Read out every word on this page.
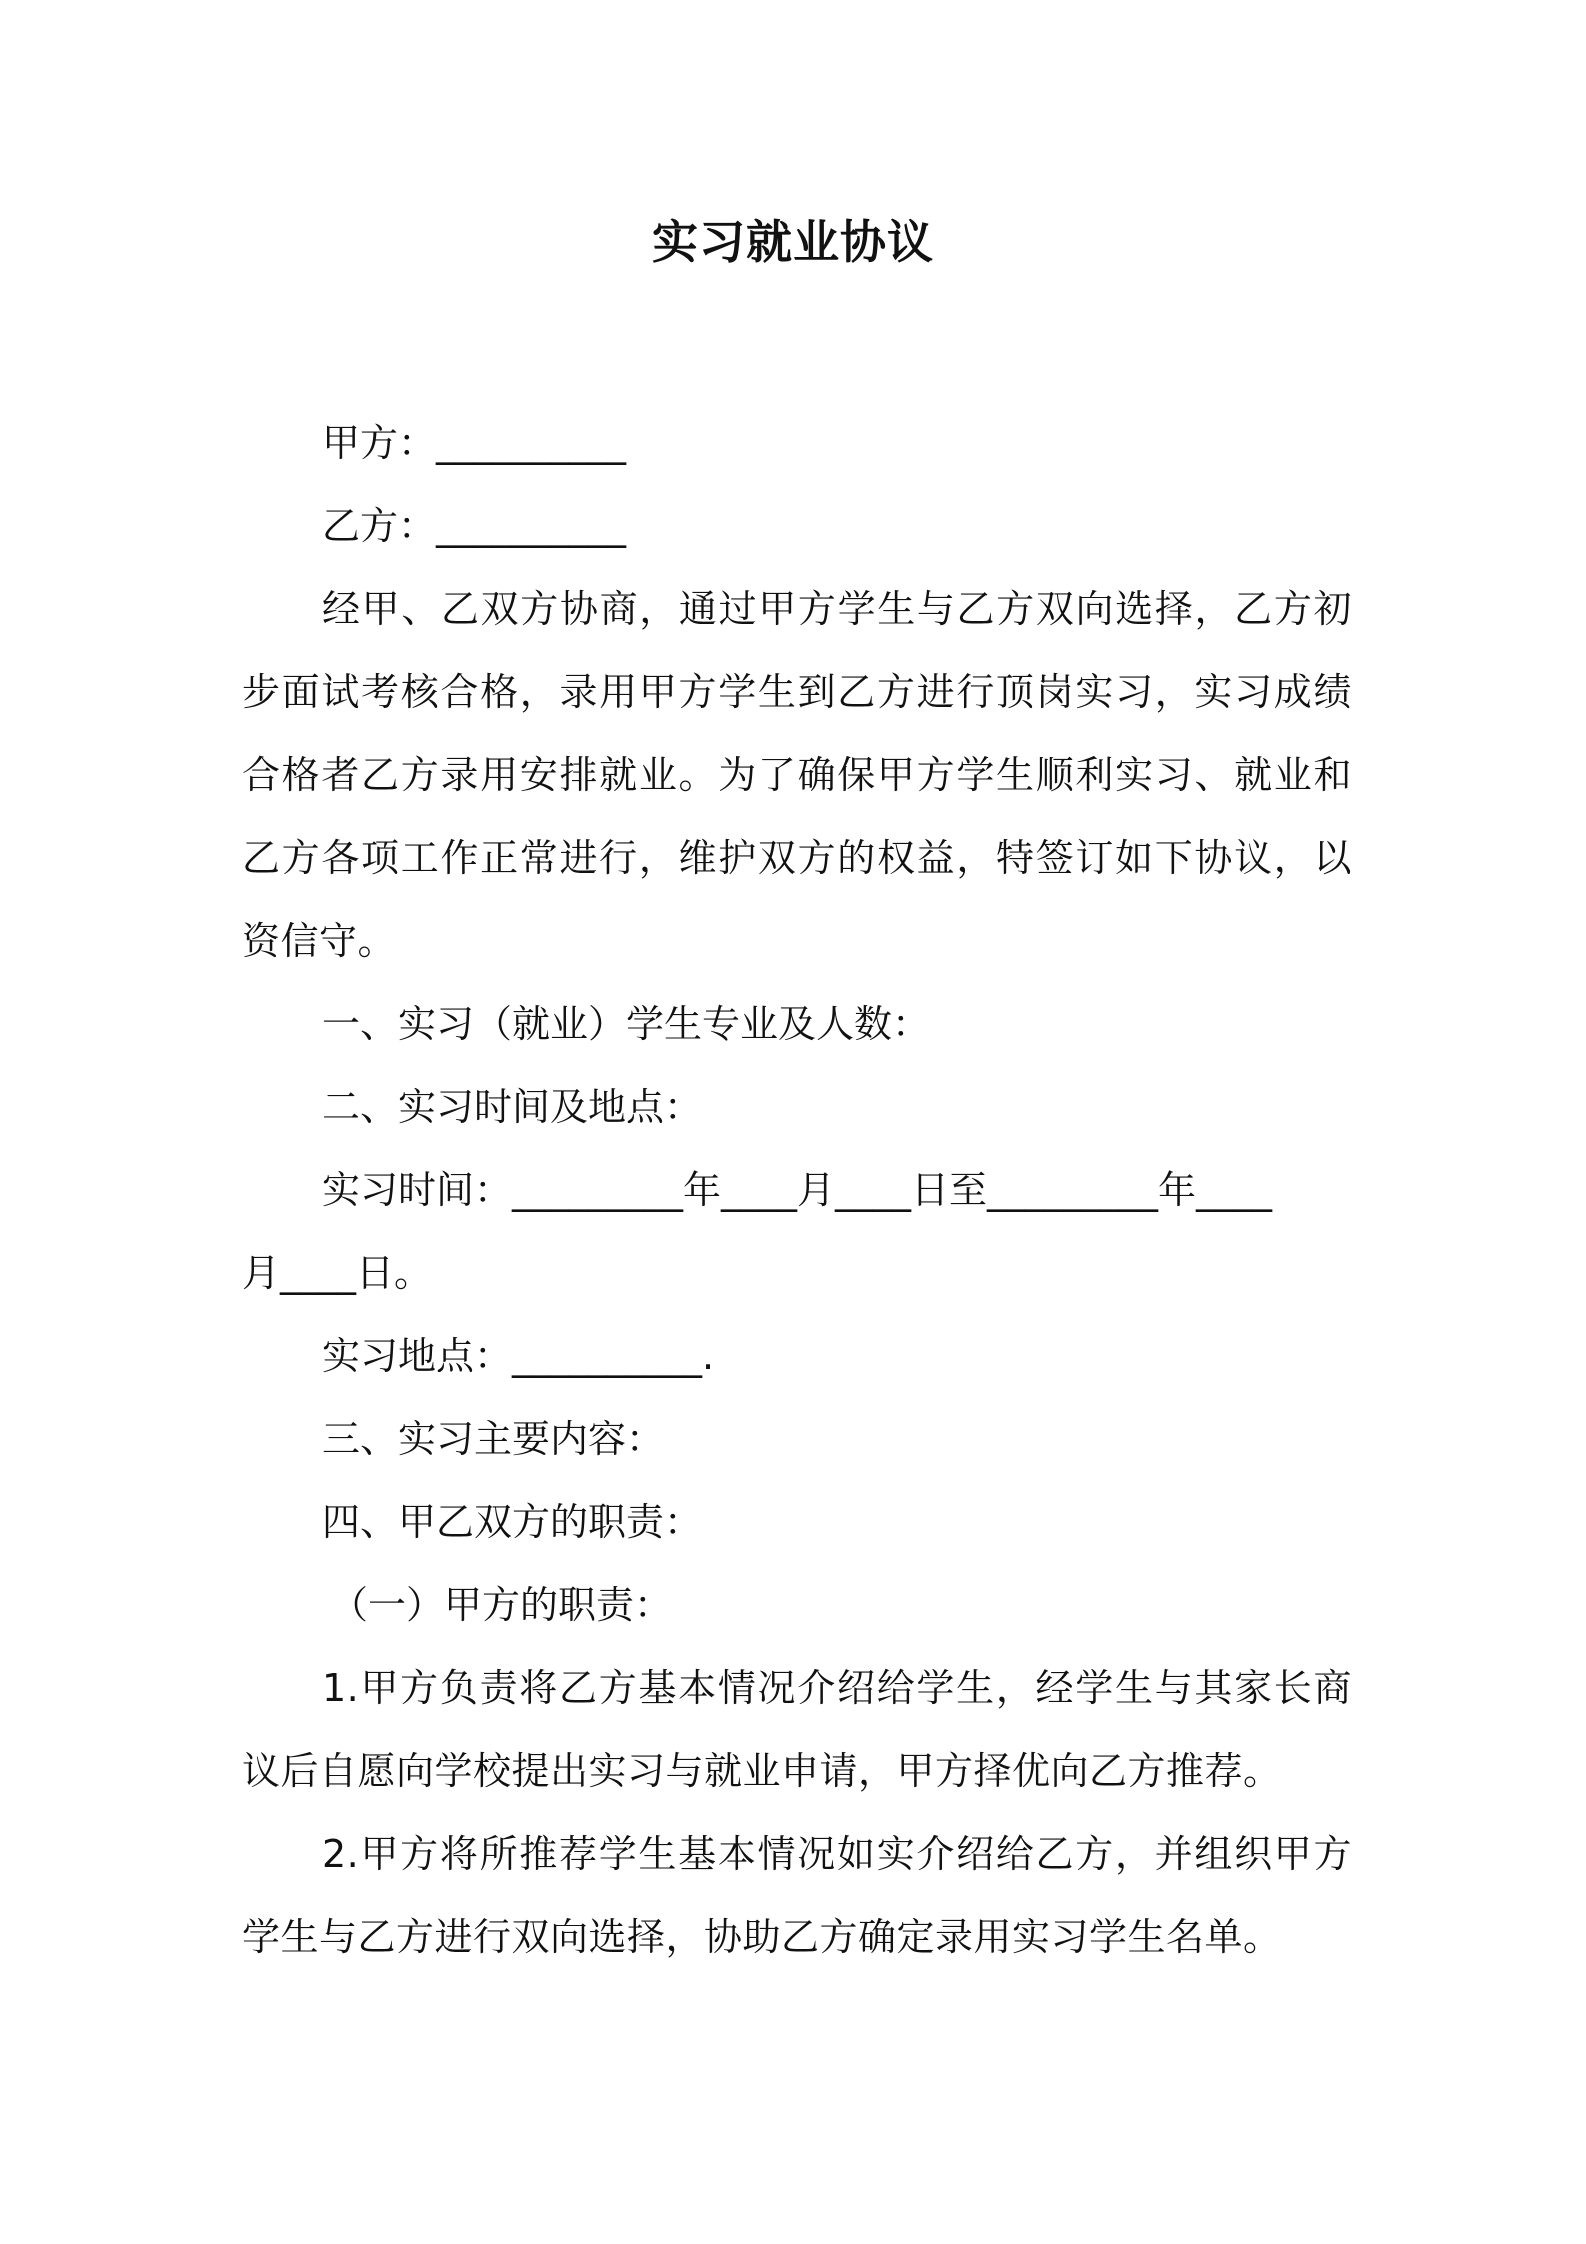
实习就业协议

甲方：__________

乙方：__________

经甲、乙双方协商，通过甲方学生与乙方双向选择，乙方初步面试考核合格，录用甲方学生到乙方进行顶岗实习，实习成绩合格者乙方录用安排就业。为了确保甲方学生顺利实习、就业和乙方各项工作正常进行，维护双方的权益，特签订如下协议，以资信守。

一、实习（就业）学生专业及人数：

二、实习时间及地点：

实习时间：_________年____月____日至_________年____

月____日。

实习地点：__________.

三、实习主要内容：

四、甲乙双方的职责：

（一）甲方的职责：

1.甲方负责将乙方基本情况介绍给学生，经学生与其家长商议后自愿向学校提出实习与就业申请，甲方择优向乙方推荐。

2.甲方将所推荐学生基本情况如实介绍给乙方，并组织甲方学生与乙方进行双向选择，协助乙方确定录用实习学生名单。
